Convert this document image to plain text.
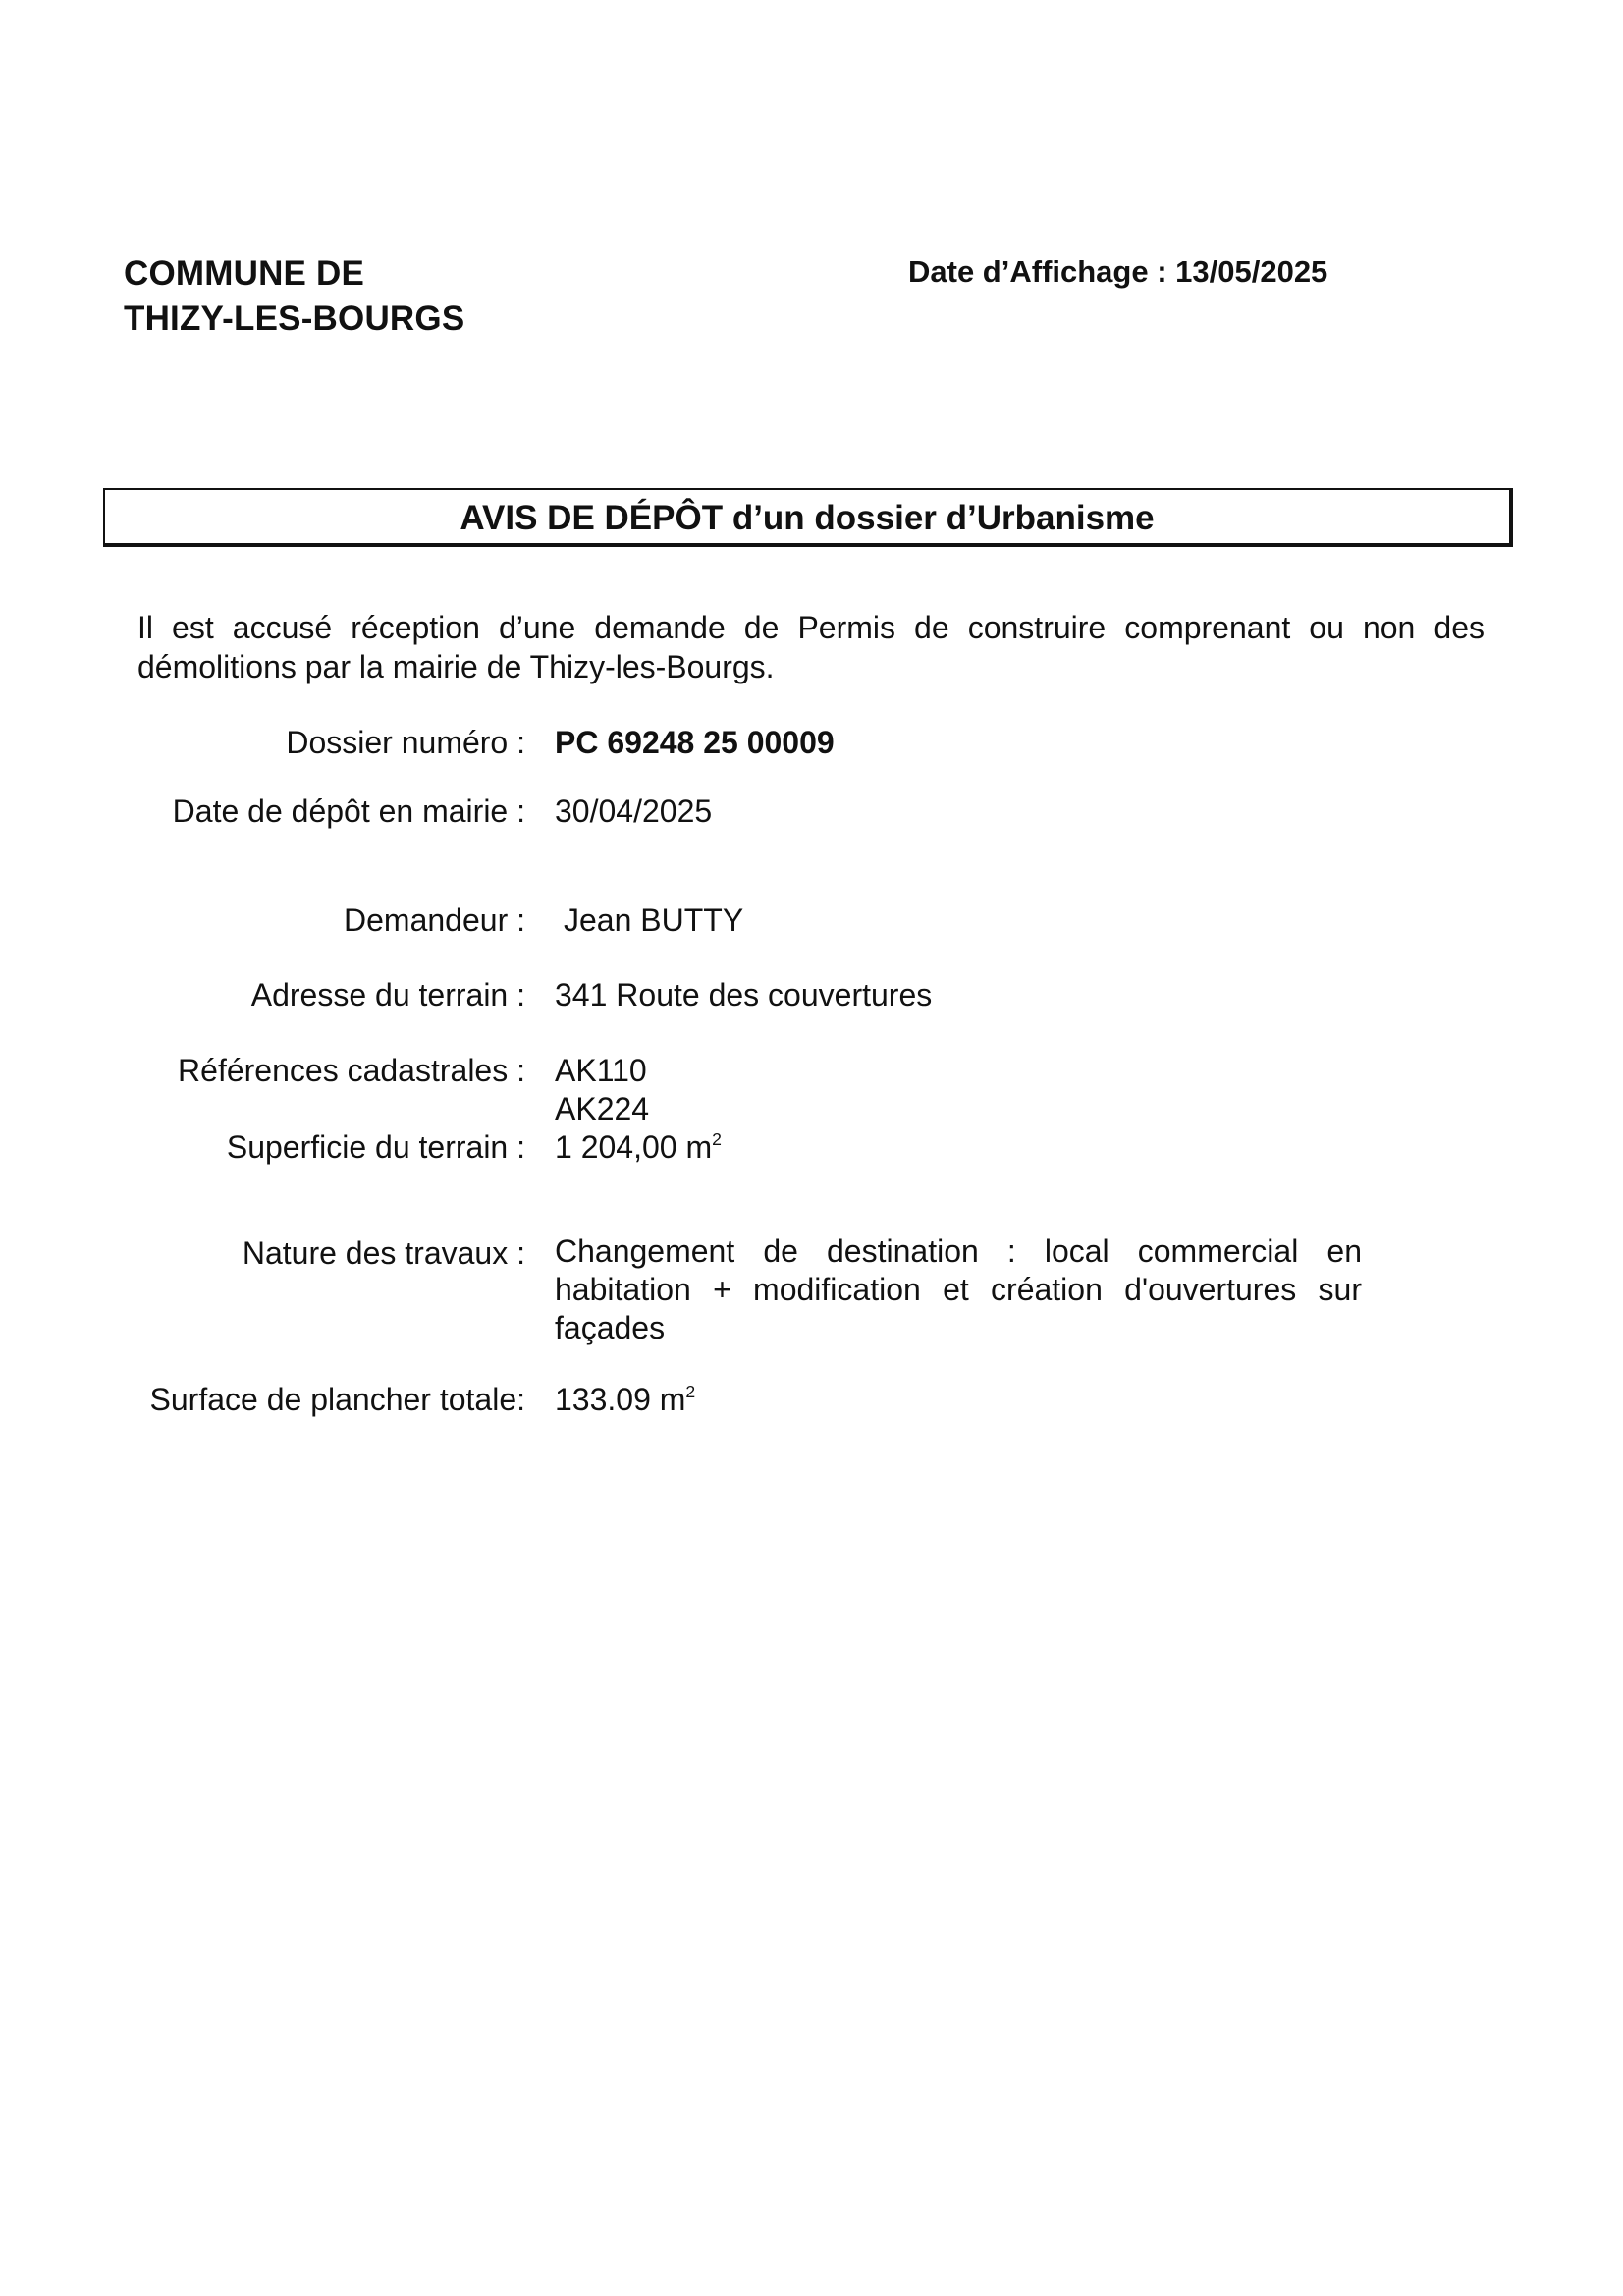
COMMUNE DE
THIZY-LES-BOURGS
Date d’Affichage : 13/05/2025
AVIS DE DÉPÔT d’un dossier d’Urbanisme
Il est accusé réception d’une demande de Permis de construire comprenant ou non des
démolitions par la mairie de Thizy-les-Bourgs.
Dossier numéro : PC 69248 25 00009
Date de dépôt en mairie : 30/04/2025
Demandeur : Jean BUTTY
Adresse du terrain : 341 Route des couvertures
Références cadastrales : AK110
AK224
Superficie du terrain : 1 204,00 $m^2$
Nature des travaux : Changement de destination : local commercial en
habitation + modification et création d'ouvertures sur
façades
Surface de plancher totale: 133.09 $m^2$
